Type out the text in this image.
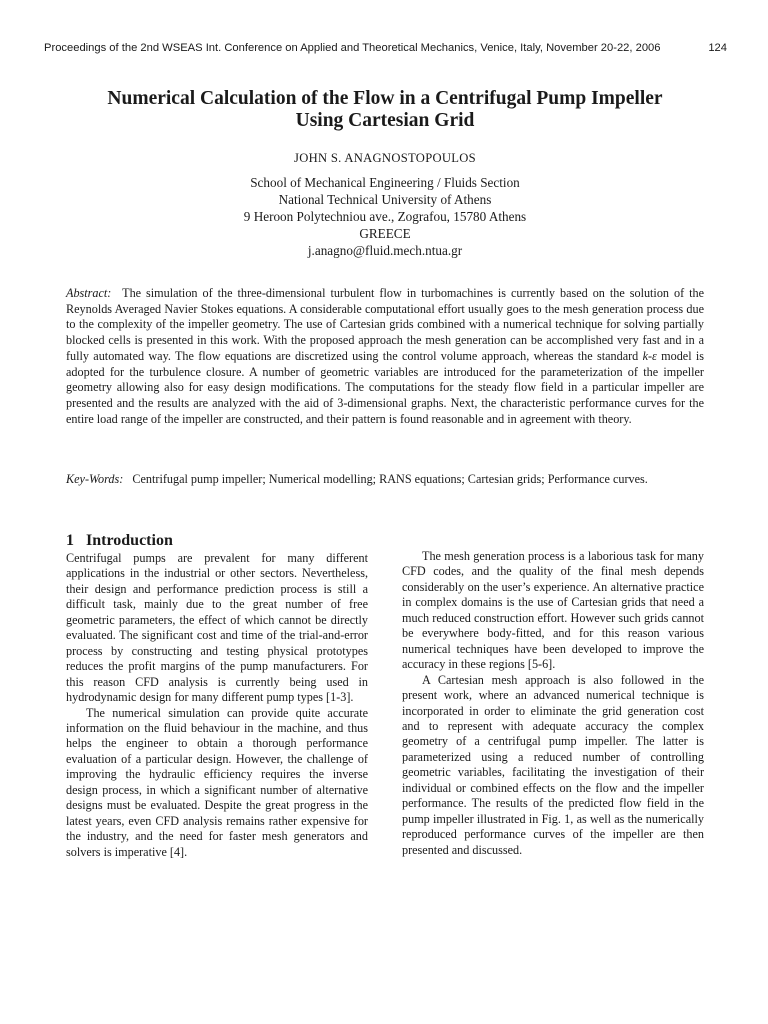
Proceedings of the 2nd WSEAS Int. Conference on Applied and Theoretical Mechanics, Venice, Italy, November 20-22, 2006	124
Numerical Calculation of the Flow in a Centrifugal Pump Impeller
Using Cartesian Grid
JOHN S. ANAGNOSTOPOULOS
School of Mechanical Engineering / Fluids Section
National Technical University of Athens
9 Heroon Polytechniou ave., Zografou, 15780 Athens
GREECE
j.anagno@fluid.mech.ntua.gr
Abstract: The simulation of the three-dimensional turbulent flow in turbomachines is currently based on the solution of the Reynolds Averaged Navier Stokes equations. A considerable computational effort usually goes to the mesh generation process due to the complexity of the impeller geometry. The use of Cartesian grids combined with a numerical technique for solving partially blocked cells is presented in this work. With the proposed approach the mesh generation can be accomplished very fast and in a fully automated way. The flow equations are discretized using the control volume approach, whereas the standard k-ε model is adopted for the turbulence closure. A number of geometric variables are introduced for the parameterization of the impeller geometry allowing also for easy design modifications. The computations for the steady flow field in a particular impeller are presented and the results are analyzed with the aid of 3-dimensional graphs. Next, the characteristic performance curves for the entire load range of the impeller are constructed, and their pattern is found reasonable and in agreement with theory.
Key-Words: Centrifugal pump impeller; Numerical modelling; RANS equations; Cartesian grids; Performance curves.
1 Introduction

Centrifugal pumps are prevalent for many different applications in the industrial or other sectors. Nevertheless, their design and performance prediction process is still a difficult task, mainly due to the great number of free geometric parameters, the effect of which cannot be directly evaluated. The significant cost and time of the trial-and-error process by constructing and testing physical prototypes reduces the profit margins of the pump manufacturers. For this reason CFD analysis is currently being used in hydrodynamic design for many different pump types [1-3].

The numerical simulation can provide quite accurate information on the fluid behaviour in the machine, and thus helps the engineer to obtain a thorough performance evaluation of a particular design. However, the challenge of improving the hydraulic efficiency requires the inverse design process, in which a significant number of alternative designs must be evaluated. Despite the great progress in the latest years, even CFD analysis remains rather expensive for the industry, and the need for faster mesh generators and solvers is imperative [4].

The mesh generation process is a laborious task for many CFD codes, and the quality of the final mesh depends considerably on the user’s experience. An alternative practice in complex domains is the use of Cartesian grids that need a much reduced construction effort. However such grids cannot be everywhere body-fitted, and for this reason various numerical techniques have been developed to improve the accuracy in these regions [5-6].

A Cartesian mesh approach is also followed in the present work, where an advanced numerical technique is incorporated in order to eliminate the grid generation cost and to represent with adequate accuracy the complex geometry of a centrifugal pump impeller. The latter is parameterized using a reduced number of controlling geometric variables, facilitating the investigation of their individual or combined effects on the flow and the impeller performance. The results of the predicted flow field in the pump impeller illustrated in Fig. 1, as well as the numerically reproduced performance curves of the impeller are then presented and discussed.
